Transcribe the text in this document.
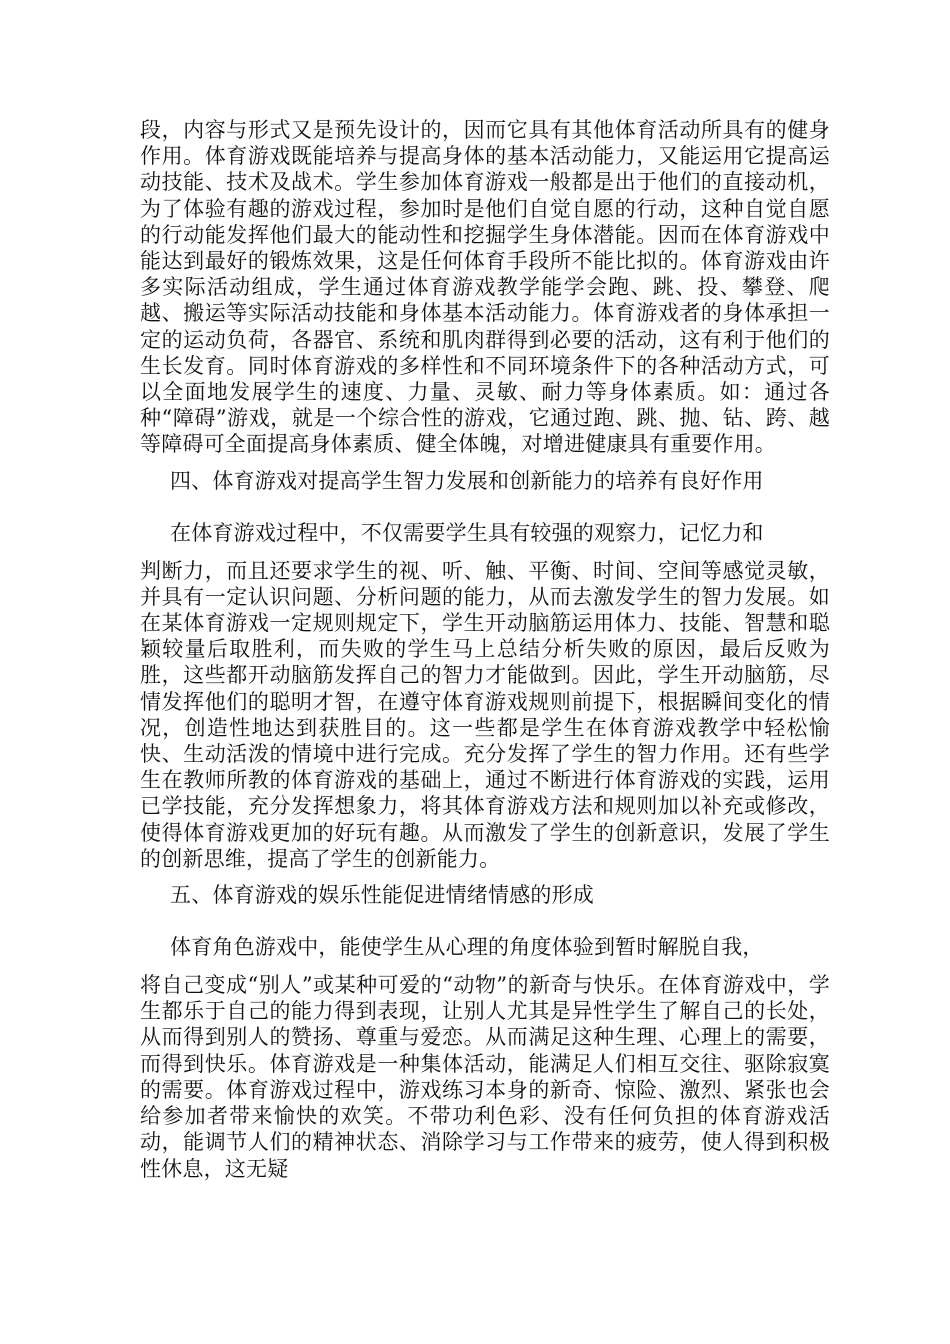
段，内容与形式又是预先设计的，因而它具有其他体育活动所具有的健身作用。体育游戏既能培养与提高身体的基本活动能力，又能运用它提高运动技能、技术及战术。学生参加体育游戏一般都是出于他们的直接动机，为了体验有趣的游戏过程，参加时是他们自觉自愿的行动，这种自觉自愿的行动能发挥他们最大的能动性和挖掘学生身体潜能。因而在体育游戏中能达到最好的锻炼效果，这是任何体育手段所不能比拟的。体育游戏由许多实际活动组成，学生通过体育游戏教学能学会跑、跳、投、攀登、爬越、搬运等实际活动技能和身体基本活动能力。体育游戏者的身体承担一定的运动负荷，各器官、系统和肌肉群得到必要的活动，这有利于他们的生长发育。同时体育游戏的多样性和不同环境条件下的各种活动方式，可以全面地发展学生的速度、力量、灵敏、耐力等身体素质。如：通过各种“障碍”游戏，就是一个综合性的游戏，它通过跑、跳、抛、钻、跨、越等障碍可全面提高身体素质、健全体魄，对增进健康具有重要作用。

四、体育游戏对提高学生智力发展和创新能力的培养有良好作用

在体育游戏过程中，不仅需要学生具有较强的观察力，记忆力和

判断力，而且还要求学生的视、听、触、平衡、时间、空间等感觉灵敏，并具有一定认识问题、分析问题的能力，从而去激发学生的智力发展。如在某体育游戏一定规则规定下，学生开动脑筋运用体力、技能、智慧和聪颖较量后取胜利，而失败的学生马上总结分析失败的原因，最后反败为胜，这些都开动脑筋发挥自己的智力才能做到。因此，学生开动脑筋，尽情发挥他们的聪明才智，在遵守体育游戏规则前提下，根据瞬间变化的情况，创造性地达到获胜目的。这一些都是学生在体育游戏教学中轻松愉快、生动活泼的情境中进行完成。充分发挥了学生的智力作用。还有些学生在教师所教的体育游戏的基础上，通过不断进行体育游戏的实践，运用已学技能，充分发挥想象力，将其体育游戏方法和规则加以补充或修改，使得体育游戏更加的好玩有趣。从而激发了学生的创新意识，发展了学生的创新思维，提高了学生的创新能力。

五、体育游戏的娱乐性能促进情绪情感的形成

体育角色游戏中，能使学生从心理的角度体验到暂时解脱自我，

将自己变成“别人”或某种可爱的“动物”的新奇与快乐。在体育游戏中，学生都乐于自己的能力得到表现，让别人尤其是异性学生了解自己的长处，从而得到别人的赞扬、尊重与爱恋。从而满足这种生理、心理上的需要，而得到快乐。体育游戏是一种集体活动，能满足人们相互交往、驱除寂寞的需要。体育游戏过程中，游戏练习本身的新奇、惊险、激烈、紧张也会给参加者带来愉快的欢笑。不带功利色彩、没有任何负担的体育游戏活动，能调节人们的精神状态、消除学习与工作带来的疲劳，使人得到积极性休息，这无疑
